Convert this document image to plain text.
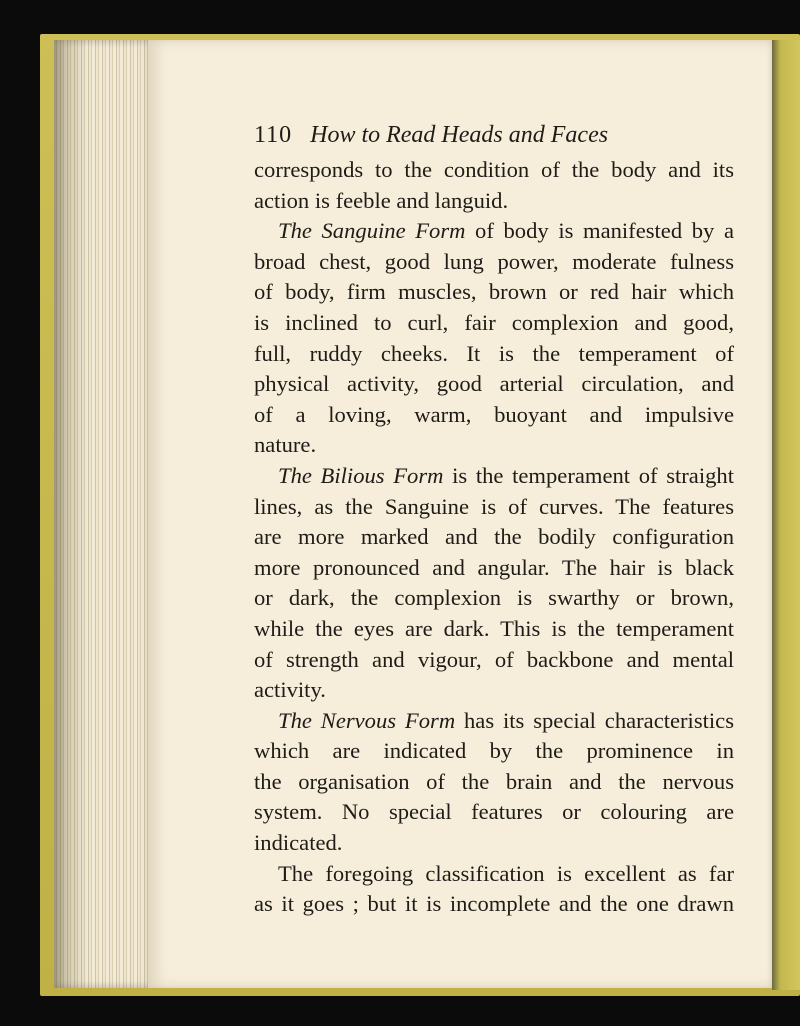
110 How to Read Heads and Faces
corresponds to the condition of the body and its
action is feeble and languid.
The Sanguine Form of body is manifested by a
broad chest, good lung power, moderate fulness
of body, firm muscles, brown or red hair which
is inclined to curl, fair complexion and good,
full, ruddy cheeks. It is the temperament of
physical activity, good arterial circulation, and
of a loving, warm, buoyant and impulsive
nature.
The Bilious Form is the temperament of straight
lines, as the Sanguine is of curves. The features
are more marked and the bodily configuration
more pronounced and angular. The hair is black
or dark, the complexion is swarthy or brown,
while the eyes are dark. This is the temperament
of strength and vigour, of backbone and mental
activity.
The Nervous Form has its special characteristics
which are indicated by the prominence in
the organisation of the brain and the nervous
system. No special features or colouring are
indicated.
The foregoing classification is excellent as far
as it goes ; but it is incomplete and the one drawn
